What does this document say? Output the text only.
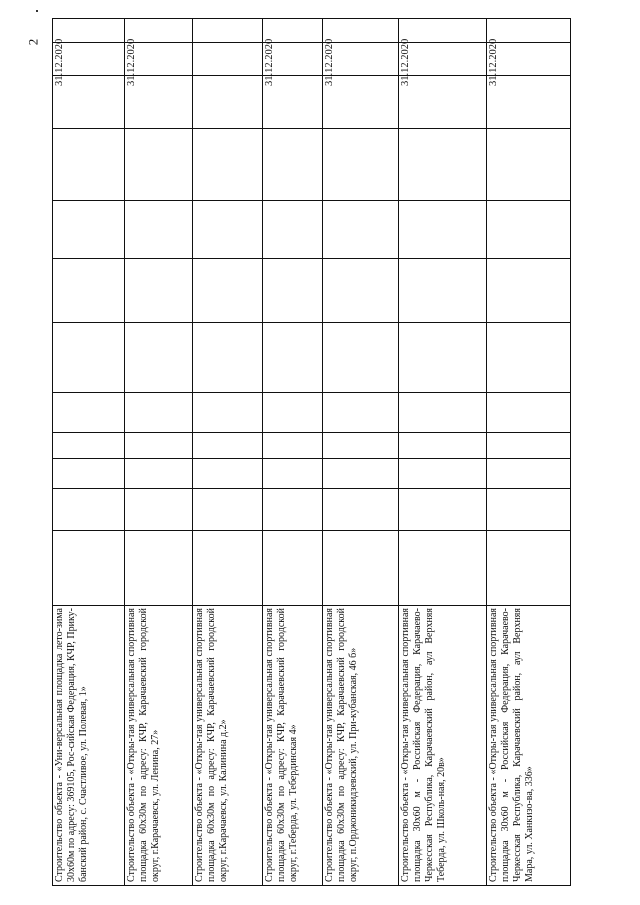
2
Строительство объекта - «Уни-версальная площадка лето-зима 30х60м по адресу: 369105, Рос-сийская Федерация, КЧР, Прику-банский район, с. Счастливое, ул. Полевая, 1»
31.12.2020
Строительство объекта - «Откры-тая универсальная спортивная площадка 60х30м по адресу: КЧР, Карачаевский городской округ, г.Карачаевск, ул. Ленина, 27»
31.12.2020
Строительство объекта - «Откры-тая универсальная спортивная площадка 60х30м по адресу: КЧР, Карачаевский городской округ, г.Карачаевск, ул. Калинина д.2»	Строительство объекта - «Откры-тая универсальная спортивная площадка 60х30м по адресу: КЧР, Карачаевский городской округ, г.Теберда, ул. Тебердинская 4»
31.12.2020
Строительство объекта - «Откры-тая универсальная спортивная площадка 60х30м по адресу: КЧР, Карачаевский городской округ, п.Орджоникидзевский, ул. При-кубанская, 46 б»
31.12.2020
Строительство объекта - «Откры-тая универсальная спортивная площадка 30х60 м - Российская Федерация, Карачаево-Черкесская Республика, Карачаевский район, аул Верхняя Теберда, ул. Школь-ная, 20в»
31.12.2020
Строительство объекта - «Откры-тая универсальная спортивная площадка 30х60 м - Российская Федерация, Карачаево-Черкесская Республика, Карачаевский район, аул Верхняя Мара, ул. Ханкизо-ва, 336»
31.12.2020
